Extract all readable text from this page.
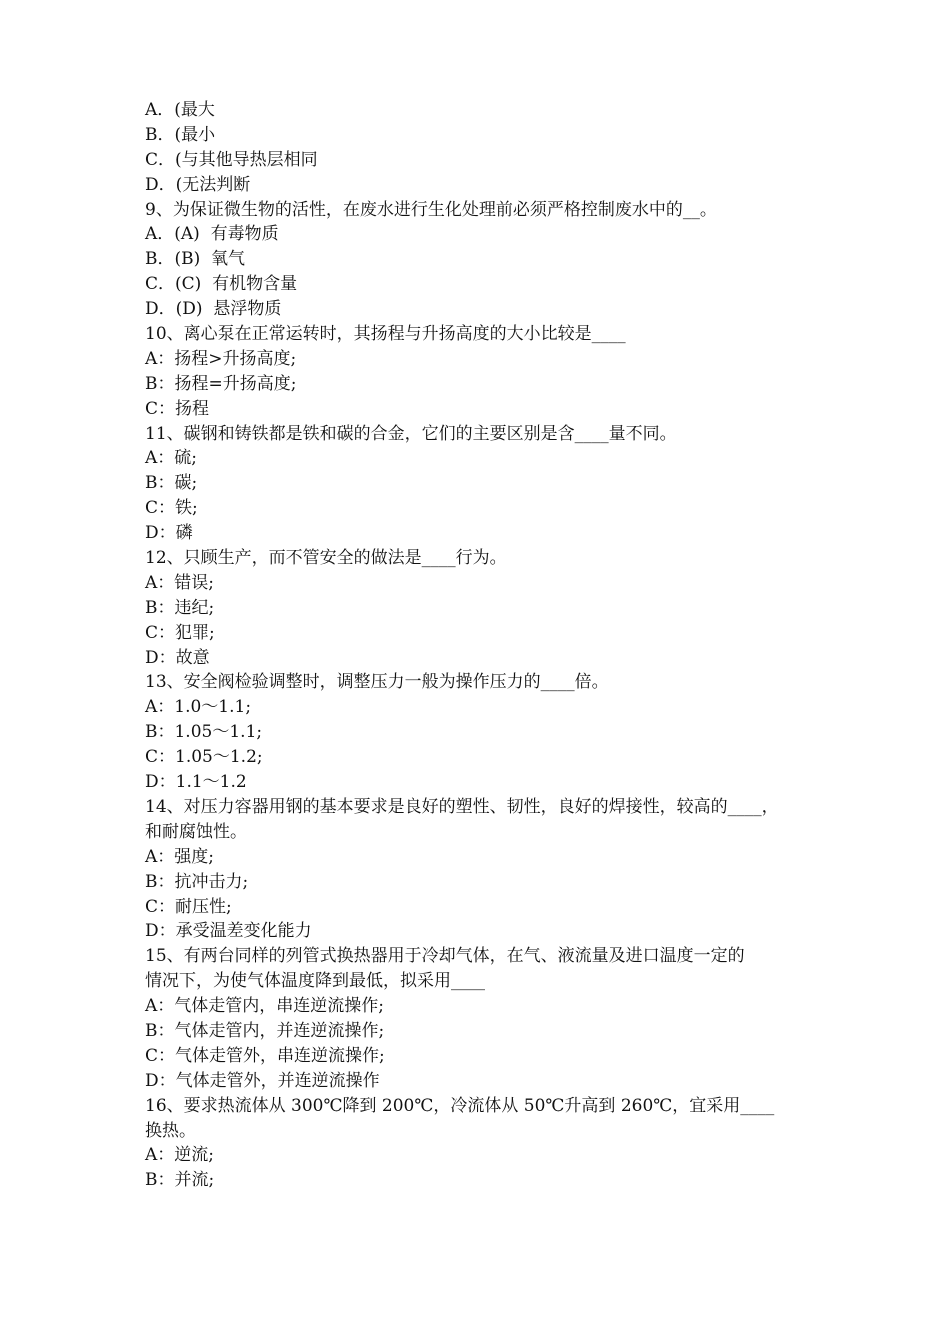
A．(最大
B．(最小
C．(与其他导热层相同
D．(无法判断
9、为保证微生物的活性，在废水进行生化处理前必须严格控制废水中的__。
A．(A)  有毒物质
B．(B)  氧气
C．(C)  有机物含量
D．(D)  悬浮物质
10、离心泵在正常运转时，其扬程与升扬高度的大小比较是____
A：扬程>升扬高度;
B：扬程=升扬高度;
C：扬程
11、碳钢和铸铁都是铁和碳的合金，它们的主要区别是含____量不同。
A：硫;
B：碳;
C：铁;
D：磷
12、只顾生产，而不管安全的做法是____行为。
A：错误;
B：违纪;
C：犯罪;
D：故意
13、安全阀检验调整时，调整压力一般为操作压力的____倍。
A：1.0～1.1;
B：1.05～1.1;
C：1.05～1.2;
D：1.1～1.2
14、对压力容器用钢的基本要求是良好的塑性、韧性，良好的焊接性，较高的____，
和耐腐蚀性。
A：强度;
B：抗冲击力;
C：耐压性;
D：承受温差变化能力
15、有两台同样的列管式换热器用于冷却气体，在气、液流量及进口温度一定的
情况下，为使气体温度降到最低，拟采用____
A：气体走管内，串连逆流操作;
B：气体走管内，并连逆流操作;
C：气体走管外，串连逆流操作;
D：气体走管外，并连逆流操作
16、要求热流体从 300℃降到 200℃，冷流体从 50℃升高到 260℃，宜采用____
换热。
A：逆流;
B：并流;
